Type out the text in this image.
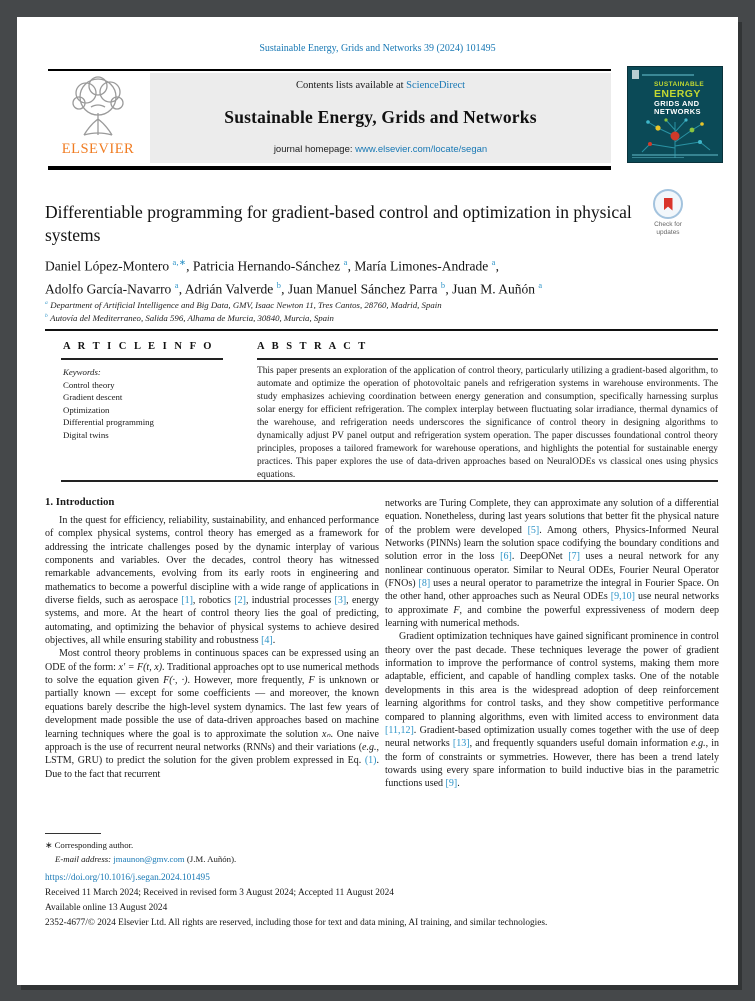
Sustainable Energy, Grids and Networks 39 (2024) 101495
ELSEVIER
Contents lists available at ScienceDirect
Sustainable Energy, Grids and Networks
journal homepage: www.elsevier.com/locate/segan
SUSTAINABLE
ENERGY
GRIDS AND
NETWORKS
Differentiable programming for gradient-based control and optimization in physical systems
Check for updates
Daniel López-Montero $^{a,∗}$, Patricia Hernando-Sánchez $^a$, María Limones-Andrade $^a$,
Adolfo García-Navarro $^a$, Adrián Valverde $^b$, Juan Manuel Sánchez Parra $^b$, Juan M. Auñón $^a$
$^a$ Department of Artificial Intelligence and Big Data, GMV, Isaac Newton 11, Tres Cantos, 28760, Madrid, Spain
$^b$ Autovía del Mediterraneo, Salida 596, Alhama de Murcia, 30840, Murcia, Spain
A R T I C L E I N F O
Keywords:
Control theory
Gradient descent
Optimization
Differential programming
Digital twins
A B S T R A C T
This paper presents an exploration of the application of control theory, particularly utilizing a gradient-based algorithm, to automate and optimize the operation of photovoltaic panels and refrigeration systems in warehouse environments. The study emphasizes achieving coordination between energy generation and consumption, specifically harnessing surplus solar energy for efficient refrigeration. The complex interplay between fluctuating solar irradiance, thermal dynamics of the warehouse, and refrigeration needs underscores the significance of control theory in designing algorithms to dynamically adjust PV panel output and refrigeration system operation. The paper discusses foundational control theory principles, proposes a tailored framework for warehouse operations, and highlights the potential for sustainable energy practices. This paper explores the use of data-driven approaches based on NeuralODEs vs classical ones using physics equations.
1. Introduction

In the quest for efficiency, reliability, sustainability, and enhanced performance of complex physical systems, control theory has emerged as a framework for addressing the intricate challenges posed by the dynamic interplay of various components and variables. Over the decades, control theory has witnessed remarkable advancements, evolving from its early roots in engineering and mathematics to become a powerful discipline with a wide range of applications in diverse fields, such as aerospace [1], robotics [2], industrial processes [3], energy systems, and more. At the heart of control theory lies the goal of predicting, automating, and optimizing the behavior of physical systems to achieve desired objectives, all while ensuring stability and robustness [4].

Most control theory problems in continuous spaces can be expressed using an ODE of the form: x′ = F(t, x). Traditional approaches opt to use numerical methods to solve the equation given F(·, ·). However, more frequently, F is unknown or partially known — except for some coefficients — and moreover, the known equations barely describe the high-level system dynamics. The last few years of development made possible the use of data-driven approaches based on machine learning techniques where the goal is to approximate the solution xₙ. One naive approach is the use of recurrent neural networks (RNNs) and their variations (e.g., LSTM, GRU) to predict the solution for the given problem expressed in Eq. (1). Due to the fact that recurrent

networks are Turing Complete, they can approximate any solution of a differential equation. Nonetheless, during last years solutions that better fit the physical nature of the problem were developed [5]. Among others, Physics-Informed Neural Networks (PINNs) learn the solution space codifying the boundary conditions and solution error in the loss [6]. DeepONet [7] uses a neural network for any nonlinear continuous operator. Similar to Neural ODEs, Fourier Neural Operator (FNOs) [8] uses a neural operator to parametrize the integral in Fourier Space. On the other hand, other approaches such as Neural ODEs [9,10] use neural networks to approximate F, and combine the powerful expressiveness of modern deep learning with numerical methods.

Gradient optimization techniques have gained significant prominence in control theory over the past decade. These techniques leverage the power of gradient information to improve the performance of control systems, making them more adaptable, efficient, and capable of handling complex tasks. One of the notable developments in this area is the widespread adoption of deep reinforcement learning algorithms for control tasks, and they show competitive performance compared to planning algorithms, even with limited access to environment data [11,12]. Gradient-based optimization usually comes together with the use of deep neural networks [13], and frequently squanders useful domain information e.g., in the form of constraints or symmetries. However, there has been a trend lately towards using every spare information to build inductive bias in the parametric functions used [9].

∗ Corresponding author.
E-mail address: jmaunon@gmv.com (J.M. Auñón).
https://doi.org/10.1016/j.segan.2024.101495
Received 11 March 2024; Received in revised form 3 August 2024; Accepted 11 August 2024
Available online 13 August 2024
2352-4677/© 2024 Elsevier Ltd. All rights are reserved, including those for text and data mining, AI training, and similar technologies.
